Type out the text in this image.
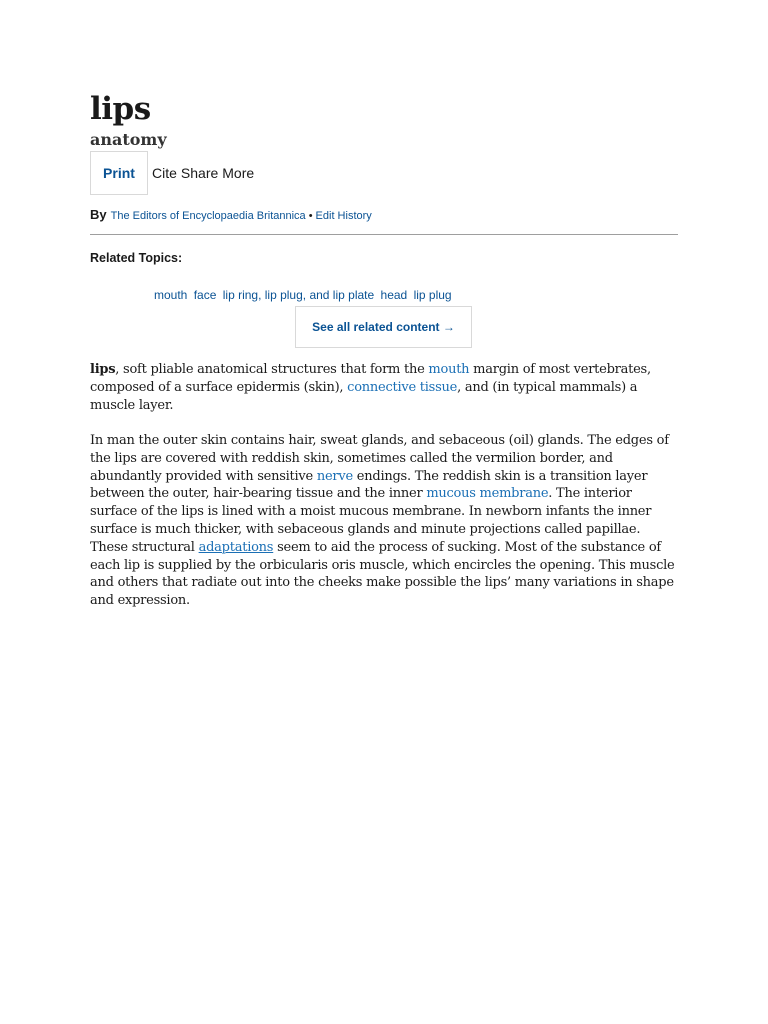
lips
anatomy
Print	Cite Share More
By The Editors of Encyclopaedia Britannica • Edit History
Related Topics:
mouth face lip ring, lip plug, and lip plate head lip plug
See all related content →

lips, soft pliable anatomical structures that form the mouth margin of most vertebrates, composed of a surface epidermis (skin), connective tissue, and (in typical mammals) a muscle layer.

In man the outer skin contains hair, sweat glands, and sebaceous (oil) glands. The edges of the lips are covered with reddish skin, sometimes called the vermilion border, and abundantly provided with sensitive nerve endings. The reddish skin is a transition layer between the outer, hair-bearing tissue and the inner mucous membrane. The interior surface of the lips is lined with a moist mucous membrane. In newborn infants the inner surface is much thicker, with sebaceous glands and minute projections called papillae. These structural adaptations seem to aid the process of sucking. Most of the substance of each lip is supplied by the orbicularis oris muscle, which encircles the opening. This muscle and others that radiate out into the cheeks make possible the lips’ many variations in shape and expression.
